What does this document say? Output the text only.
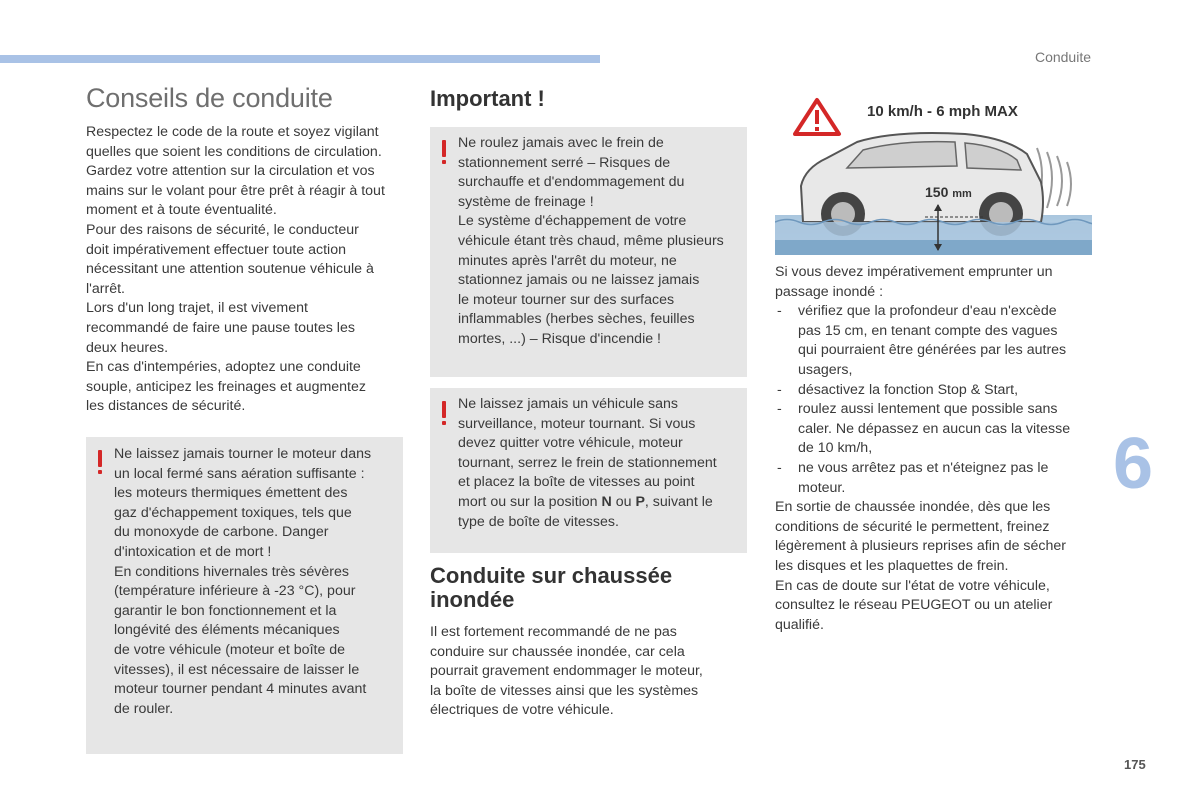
Conduite
6
175
Conseils de conduite

Respectez le code de la route et soyez vigilant

quelles que soient les conditions de circulation.

Gardez votre attention sur la circulation et vos

mains sur le volant pour être prêt à réagir à tout

moment et à toute éventualité.

Pour des raisons de sécurité, le conducteur

doit impérativement effectuer toute action

nécessitant une attention soutenue véhicule à

l'arrêt.

Lors d'un long trajet, il est vivement

recommandé de faire une pause toutes les

deux heures.

En cas d'intempéries, adoptez une conduite

souple, anticipez les freinages et augmentez

les distances de sécurité.

Ne laissez jamais tourner le moteur dans
un local fermé sans aération suffisante :
les moteurs thermiques émettent des
gaz d'échappement toxiques, tels que
du monoxyde de carbone. Danger
d'intoxication et de mort !
En conditions hivernales très sévères
(température inférieure à -23 °C), pour
garantir le bon fonctionnement et la
longévité des éléments mécaniques
de votre véhicule (moteur et boîte de
vitesses), il est nécessaire de laisser le
moteur tourner pendant 4 minutes avant
de rouler.
Important !
Ne roulez jamais avec le frein de
stationnement serré – Risques de
surchauffe et d'endommagement du
système de freinage !
Le système d'échappement de votre
véhicule étant très chaud, même plusieurs
minutes après l'arrêt du moteur, ne
stationnez jamais ou ne laissez jamais
le moteur tourner sur des surfaces
inflammables (herbes sèches, feuilles
mortes, ...) – Risque d'incendie !
Ne laissez jamais un véhicule sans
surveillance, moteur tournant. Si vous
devez quitter votre véhicule, moteur
tournant, serrez le frein de stationnement
et placez la boîte de vitesses au point
mort ou sur la position N ou P, suivant le
type de boîte de vitesses.
Conduite sur chaussée
inondée
Il est fortement recommandé de ne pas
conduire sur chaussée inondée, car cela
pourrait gravement endommager le moteur,
la boîte de vitesses ainsi que les systèmes
électriques de votre véhicule.
10 km/h - 6 mph MAX
150 mm
Si vous devez impérativement emprunter un
passage inondé :
- vérifiez que la profondeur d'eau n'excède
pas 15 cm, en tenant compte des vagues
qui pourraient être générées par les autres
usagers,
- désactivez la fonction Stop & Start,
- roulez aussi lentement que possible sans
caler. Ne dépassez en aucun cas la vitesse
de 10 km/h,
- ne vous arrêtez pas et n'éteignez pas le
moteur.
En sortie de chaussée inondée, dès que les
conditions de sécurité le permettent, freinez
légèrement à plusieurs reprises afin de sécher
les disques et les plaquettes de frein.
En cas de doute sur l'état de votre véhicule,
consultez le réseau PEUGEOT ou un atelier
qualifié.
